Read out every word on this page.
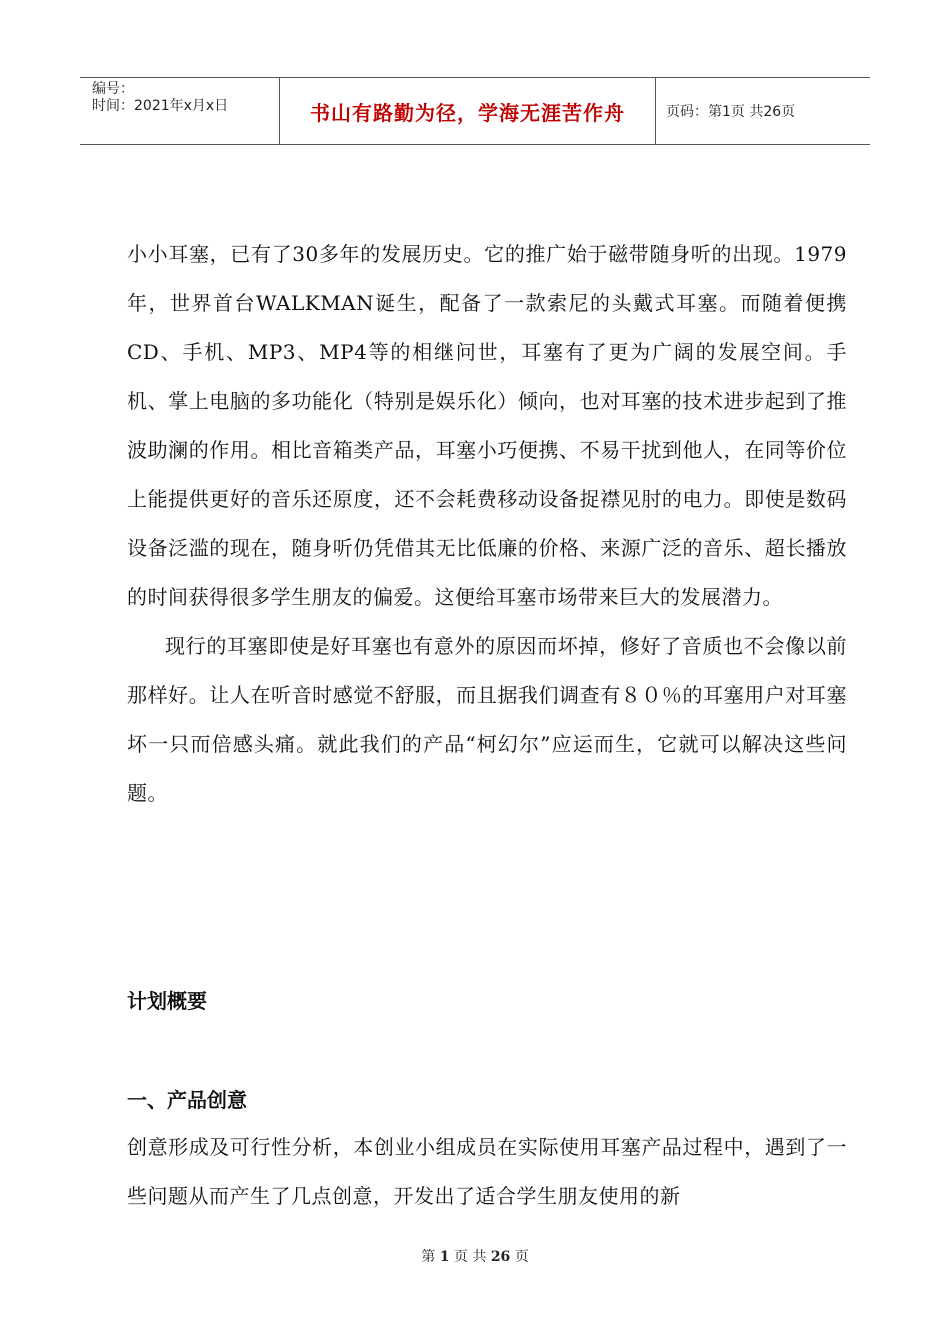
编号：
时间：2021年x月x日	书山有路勤为径，学海无涯苦作舟	页码：第1页 共26页

小小耳塞，已有了30多年的发展历史。它的推广始于磁带随身听的出现。1979年，世界首台WALKMAN诞生，配备了一款索尼的头戴式耳塞。而随着便携CD、手机、MP3、MP4等的相继问世，耳塞有了更为广阔的发展空间。手机、掌上电脑的多功能化（特别是娱乐化）倾向，也对耳塞的技术进步起到了推波助澜的作用。相比音箱类产品，耳塞小巧便携、不易干扰到他人，在同等价位上能提供更好的音乐还原度，还不会耗费移动设备捉襟见肘的电力。即使是数码设备泛滥的现在，随身听仍凭借其无比低廉的价格、来源广泛的音乐、超长播放的时间获得很多学生朋友的偏爱。这便给耳塞市场带来巨大的发展潜力。

现行的耳塞即使是好耳塞也有意外的原因而坏掉，修好了音质也不会像以前那样好。让人在听音时感觉不舒服，而且据我们调查有８０％的耳塞用户对耳塞坏一只而倍感头痛。就此我们的产品“柯幻尔”应运而生，它就可以解决这些问题。

计划概要
一、产品创意

创意形成及可行性分析，本创业小组成员在实际使用耳塞产品过程中，遇到了一些问题从而产生了几点创意，开发出了适合学生朋友使用的新

第 1 页 共 26 页
